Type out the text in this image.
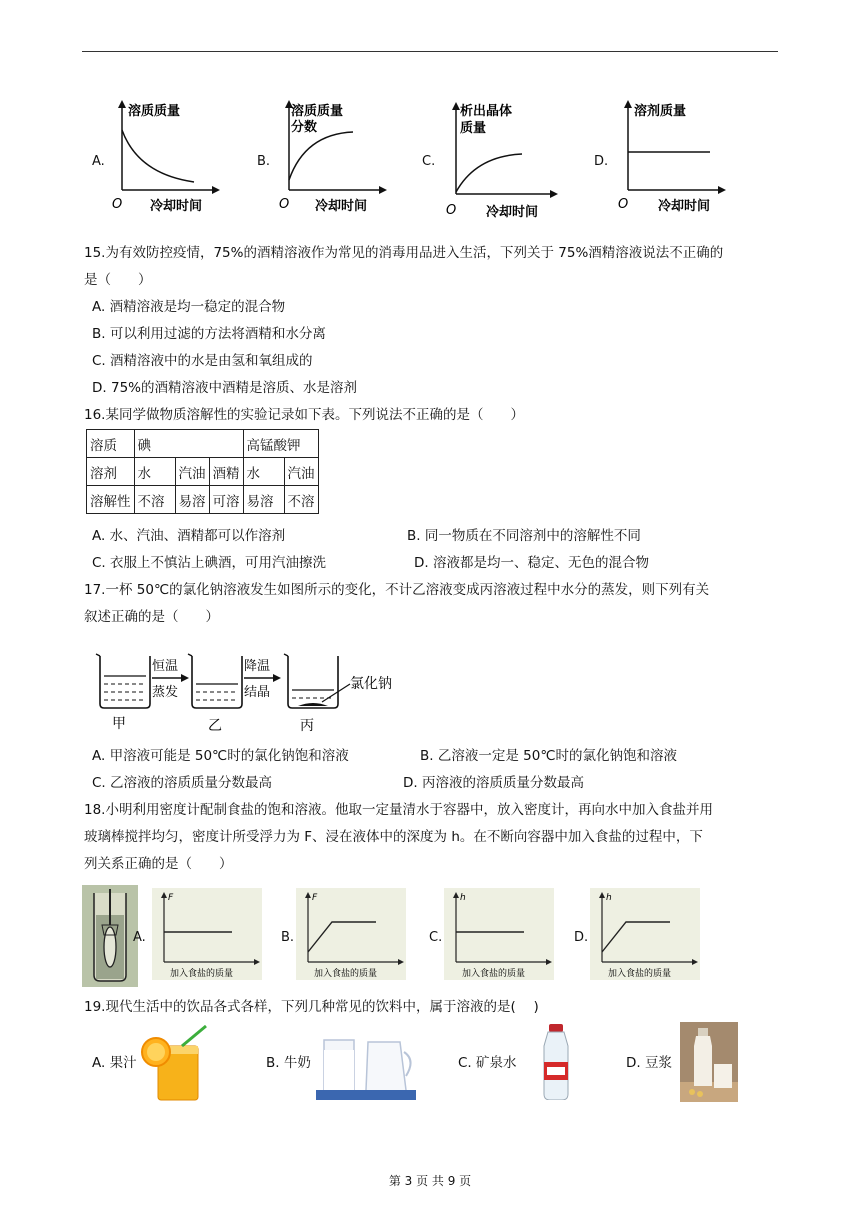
A.
溶质质量
O 冷却时间
B.
溶质质量
分数
O 冷却时间
C.
析出晶体
质量
O 冷却时间
D.
溶剂质量
O 冷却时间
15.为有效防控疫情，75%的酒精溶液作为常见的消毒用品进入生活，下列关于 75%酒精溶液说法不正确的
是（　　）
A. 酒精溶液是均一稳定的混合物
B. 可以利用过滤的方法将酒精和水分离
C. 酒精溶液中的水是由氢和氧组成的
D. 75%的酒精溶液中酒精是溶质、水是溶剂
16.某同学做物质溶解性的实验记录如下表。下列说法不正确的是（　　）
溶质	碘			高锰酸钾	
溶剂	水	汽油	酒精	水	汽油
溶解性	不溶	易溶	可溶	易溶	不溶
A. 水、汽油、酒精都可以作溶剂	B. 同一物质在不同溶剂中的溶解性不同
C. 衣服上不慎沾上碘酒，可用汽油擦洗	D. 溶液都是均一、稳定、无色的混合物
17.一杯 50℃的氯化钠溶液发生如图所示的变化，不计乙溶液变成丙溶液过程中水分的蒸发，则下列有关
叙述正确的是（　　）
恒温
蒸发
降温
结晶
氯化钠
甲	乙	丙
A. 甲溶液可能是 50℃时的氯化钠饱和溶液	B. 乙溶液一定是 50℃时的氯化钠饱和溶液
C. 乙溶液的溶质质量分数最高	D. 丙溶液的溶质质量分数最高
18.小明利用密度计配制食盐的饱和溶液。他取一定量清水于容器中，放入密度计，再向水中加入食盐并用
玻璃棒搅拌均匀，密度计所受浮力为 F、浸在液体中的深度为 h。在不断向容器中加入食盐的过程中，下
列关系正确的是（　　）
F
加入食盐的质量
F
加入食盐的质量
h
加入食盐的质量
h
加入食盐的质量
A.	B.	C.	D.
19.现代生活中的饮品各式各样，下列几种常见的饮料中，属于溶液的是(　 )
A. 果汁	B. 牛奶	C. 矿泉水	D. 豆浆
第 3 页 共 9 页
